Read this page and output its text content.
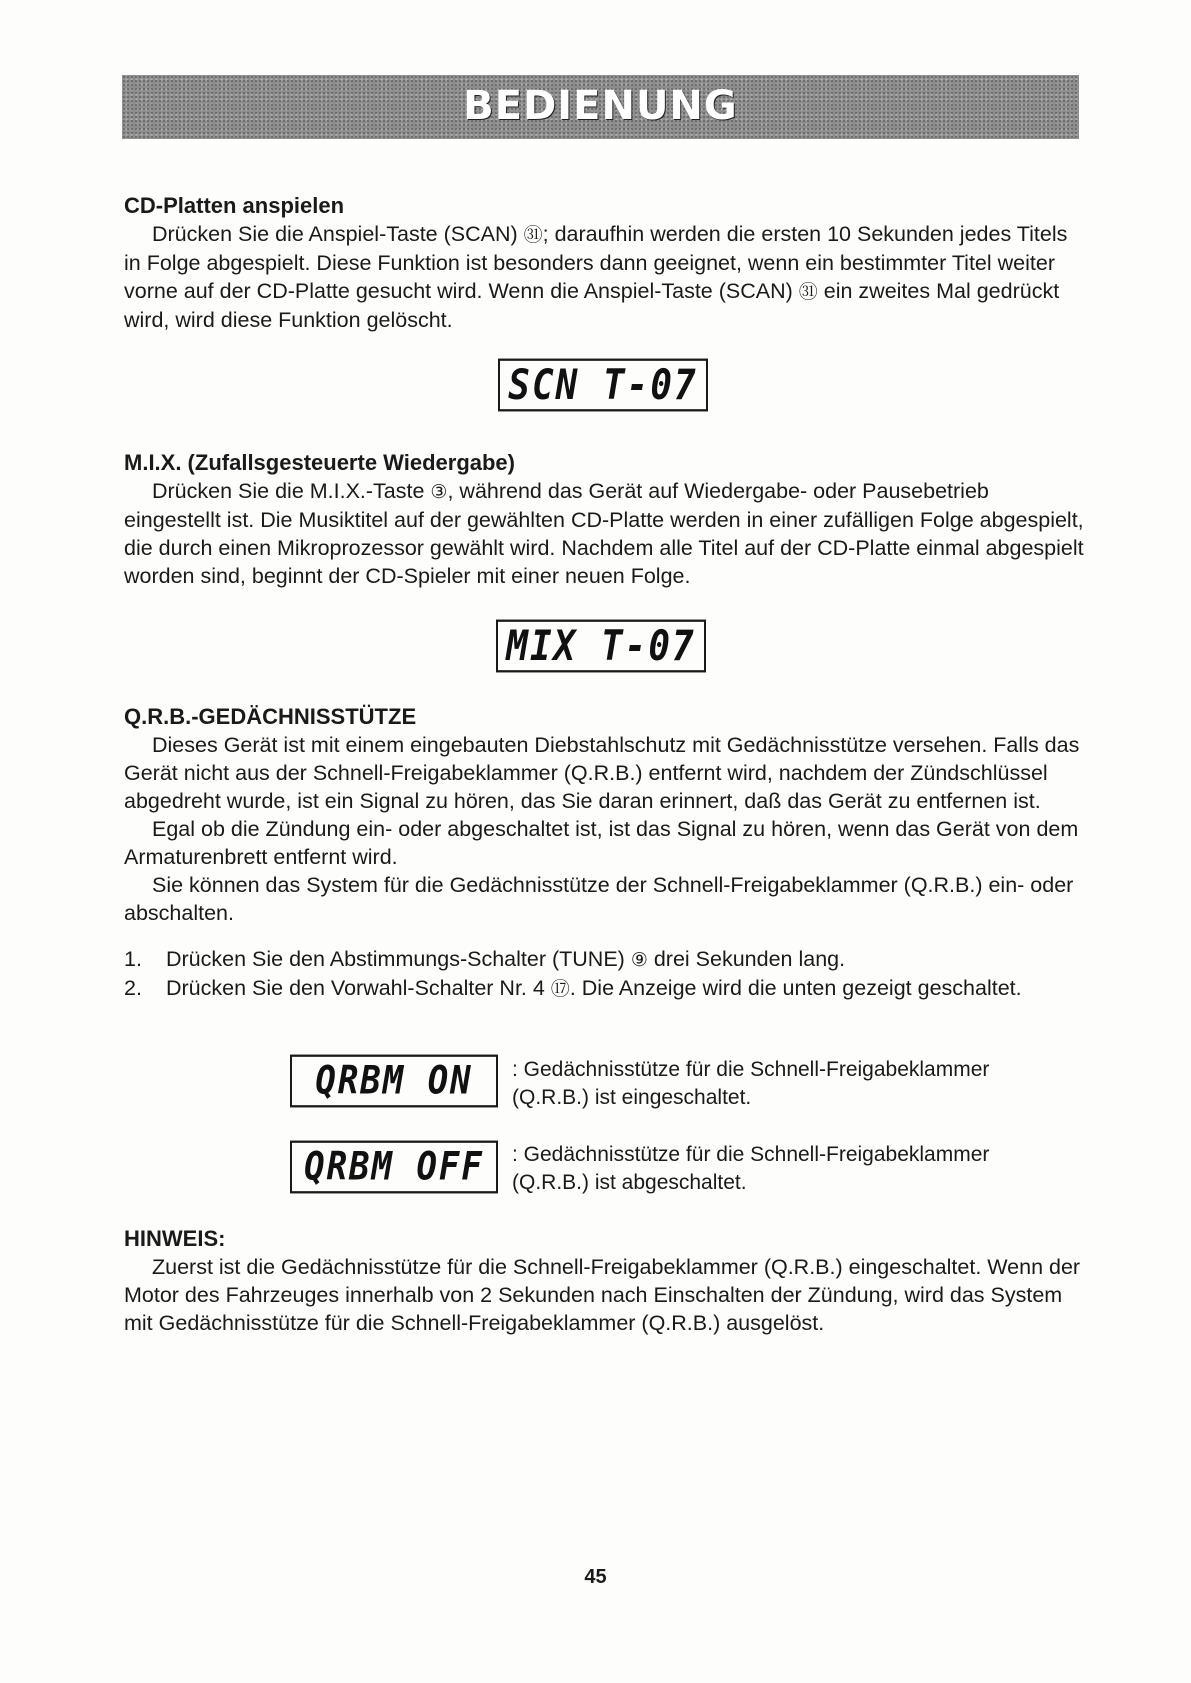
BEDIENUNG

CD-Platten anspielen

Drücken Sie die Anspiel-Taste (SCAN) ㉛; daraufhin werden die ersten 10 Sekunden jedes Titels in Folge abgespielt. Diese Funktion ist besonders dann geeignet, wenn ein bestimmter Titel weiter vorne auf der CD-Platte gesucht wird. Wenn die Anspiel-Taste (SCAN) ㉛ ein zweites Mal gedrückt wird, wird diese Funktion gelöscht.

SCN T-07

M.I.X. (Zufallsgesteuerte Wiedergabe)

Drücken Sie die M.I.X.-Taste ③, während das Gerät auf Wiedergabe- oder Pausebetrieb eingestellt ist. Die Musiktitel auf der gewählten CD-Platte werden in einer zufälligen Folge abgespielt, die durch einen Mikroprozessor gewählt wird. Nachdem alle Titel auf der CD-Platte einmal abgespielt worden sind, beginnt der CD-Spieler mit einer neuen Folge.

MIX T-07

Q.R.B.-GEDÄCHNISSTÜTZE

Dieses Gerät ist mit einem eingebauten Diebstahlschutz mit Gedächnisstütze versehen. Falls das Gerät nicht aus der Schnell-Freigabeklammer (Q.R.B.) entfernt wird, nachdem der Zündschlüssel abgedreht wurde, ist ein Signal zu hören, das Sie daran erinnert, daß das Gerät zu entfernen ist.

Egal ob die Zündung ein- oder abgeschaltet ist, ist das Signal zu hören, wenn das Gerät von dem Armaturenbrett entfernt wird.

Sie können das System für die Gedächnisstütze der Schnell-Freigabeklammer (Q.R.B.) ein- oder abschalten.

1.	Drücken Sie den Abstimmungs-Schalter (TUNE) ⑨ drei Sekunden lang.
2.	Drücken Sie den Vorwahl-Schalter Nr. 4 ⑰. Die Anzeige wird die unten gezeigt geschaltet.
QRBM ON : Gedächnisstütze für die Schnell-Freigabeklammer (Q.R.B.) ist eingeschaltet.
QRBM OFF : Gedächnisstütze für die Schnell-Freigabeklammer (Q.R.B.) ist abgeschaltet.

HINWEIS:

Zuerst ist die Gedächnisstütze für die Schnell-Freigabeklammer (Q.R.B.) eingeschaltet. Wenn der Motor des Fahrzeuges innerhalb von 2 Sekunden nach Einschalten der Zündung, wird das System mit Gedächnisstütze für die Schnell-Freigabeklammer (Q.R.B.) ausgelöst.

45
